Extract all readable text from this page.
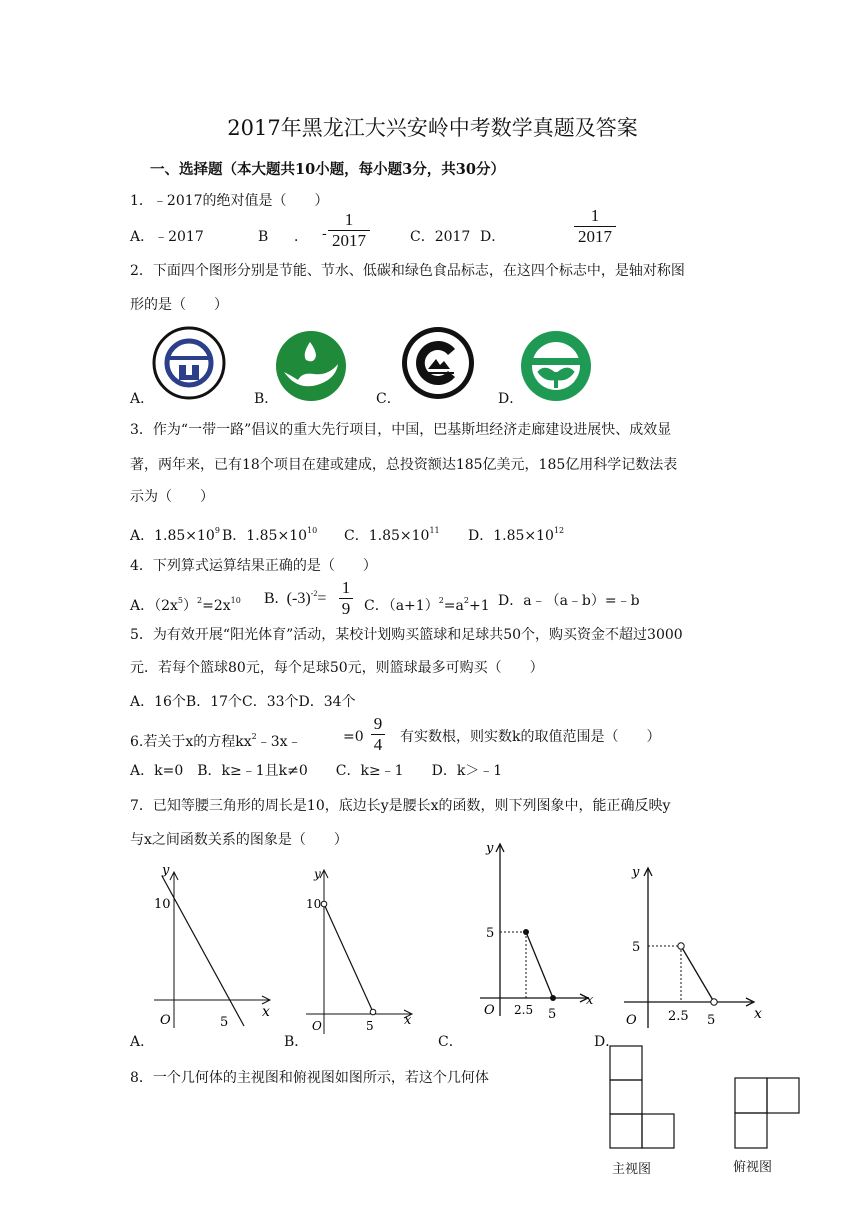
2017年黑龙江大兴安岭中考数学真题及答案
一、选择题（本大题共10小题，每小题3分，共30分）
1．﹣2017的绝对值是（　　）
A．﹣2017	B ． -
1
2017	C．2017 D．
1
2017
2．下面四个图形分别是节能、节水、低碳和绿色食品标志，在这四个标志中，是轴对称图
形的是（　　）
A．	B．	C．	D．
3．作为“一带一路”倡议的重大先行项目，中国，巴基斯坦经济走廊建设进展快、成效显
著，两年来，已有18个项目在建或建成，总投资额达185亿美元，185亿用科学记数法表
示为（　　）
A．$1.85\times 10^9$ B．$1.85\times 10^{10}$ C．$1.85\times 10^{11}$ D．$1.85\times 10^{12}$
4．下列算式运算结果正确的是（　　）
A．$(2x^5)^2=2x^{10}$ B. $(-3)^{-2}=$
1
9 C．$(a+1)^2=a^2+1$ D．a﹣（a﹣b）=﹣b
5．为有效开展“阳光体育”活动，某校计划购买篮球和足球共50个，购买资金不超过3000
元．若每个篮球80元，每个足球50元，则篮球最多可购买（　　）
A．16个B．17个C．33个D．34个
6.若关于x的方程$kx^2﹣3x﹣$	=0
9
4 有实数根，则实数k的取值范围是（　　）
A．k=0　B．k≥﹣1且k≠0　　C．k≥﹣1　　D．k＞﹣1
7．已知等腰三角形的周长是10，底边长y是腰长x的函数，则下列图象中，能正确反映y
与x之间函数关系的图象是（　　）
y
x
10
O	5
A．
y
x
10
O	5
B．
y
x
5
O 2.5 5
C．
y
x
5
O 2.5 5
D．
8．一个几何体的主视图和俯视图如图所示，若这个几何体
主视图	俯视图
